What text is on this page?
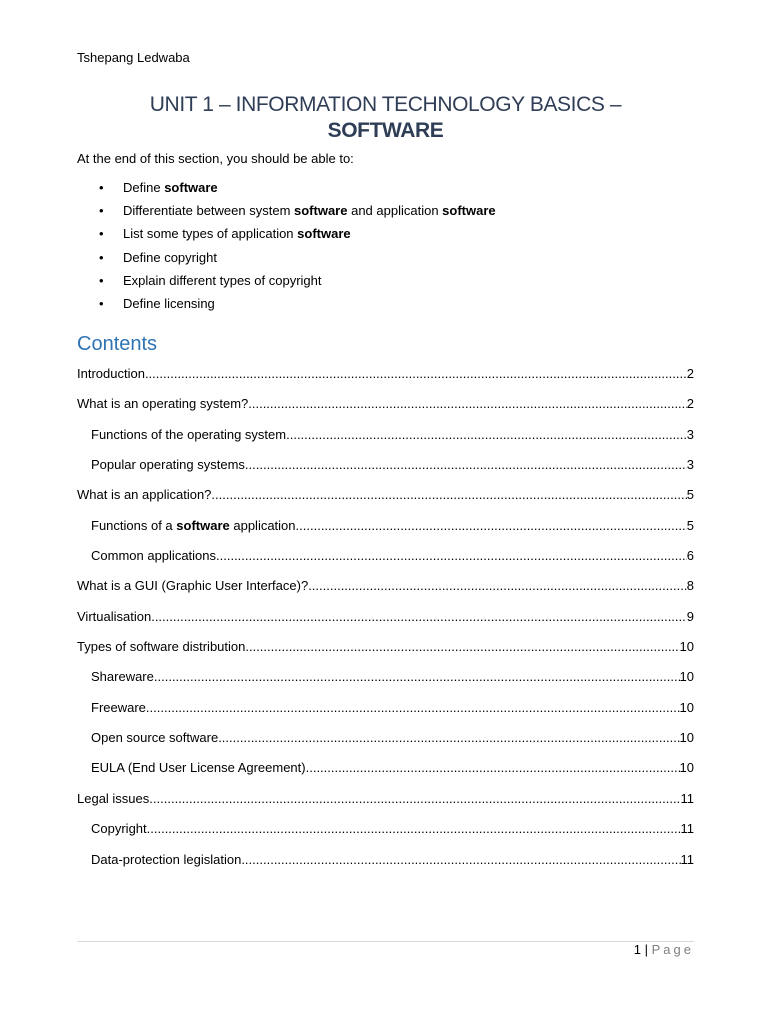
Tshepang Ledwaba
UNIT 1 – INFORMATION TECHNOLOGY BASICS –
SOFTWARE
At the end of this section, you should be able to:
• Define software
• Differentiate between system software and application software
• List some types of application software
• Define copyright
• Explain different types of copyright
• Define licensing
Contents
Introduction .....	2
What is an operating system? .....	2
Functions of the operating system .....	3
Popular operating systems .....	3
What is an application? .....	5
Functions of a software application .....	5
Common applications .....	6
What is a GUI (Graphic User Interface)? .....	8
Virtualisation .....	9
Types of software distribution .....	10
Shareware .....	10
Freeware .....	10
Open source software .....	10
EULA (End User License Agreement) .....	10
Legal issues .....	11
Copyright .....	11
Data-protection legislation .....	11
1 | Page
